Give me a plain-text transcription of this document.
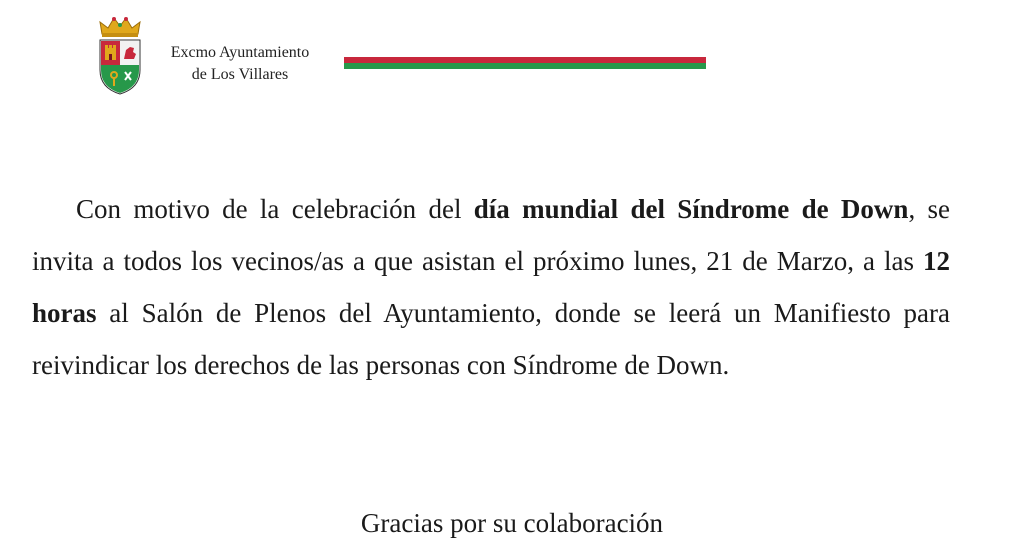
Excmo Ayuntamiento
de Los Villares

Con motivo de la celebración del día mundial del Síndrome de Down, se invita a todos los vecinos/as a que asistan el próximo lunes, 21 de Marzo, a las 12 horas al Salón de Plenos del Ayuntamiento, donde se leerá un Manifiesto para reivindicar los derechos de las personas con Síndrome de Down.

Gracias por su colaboración
